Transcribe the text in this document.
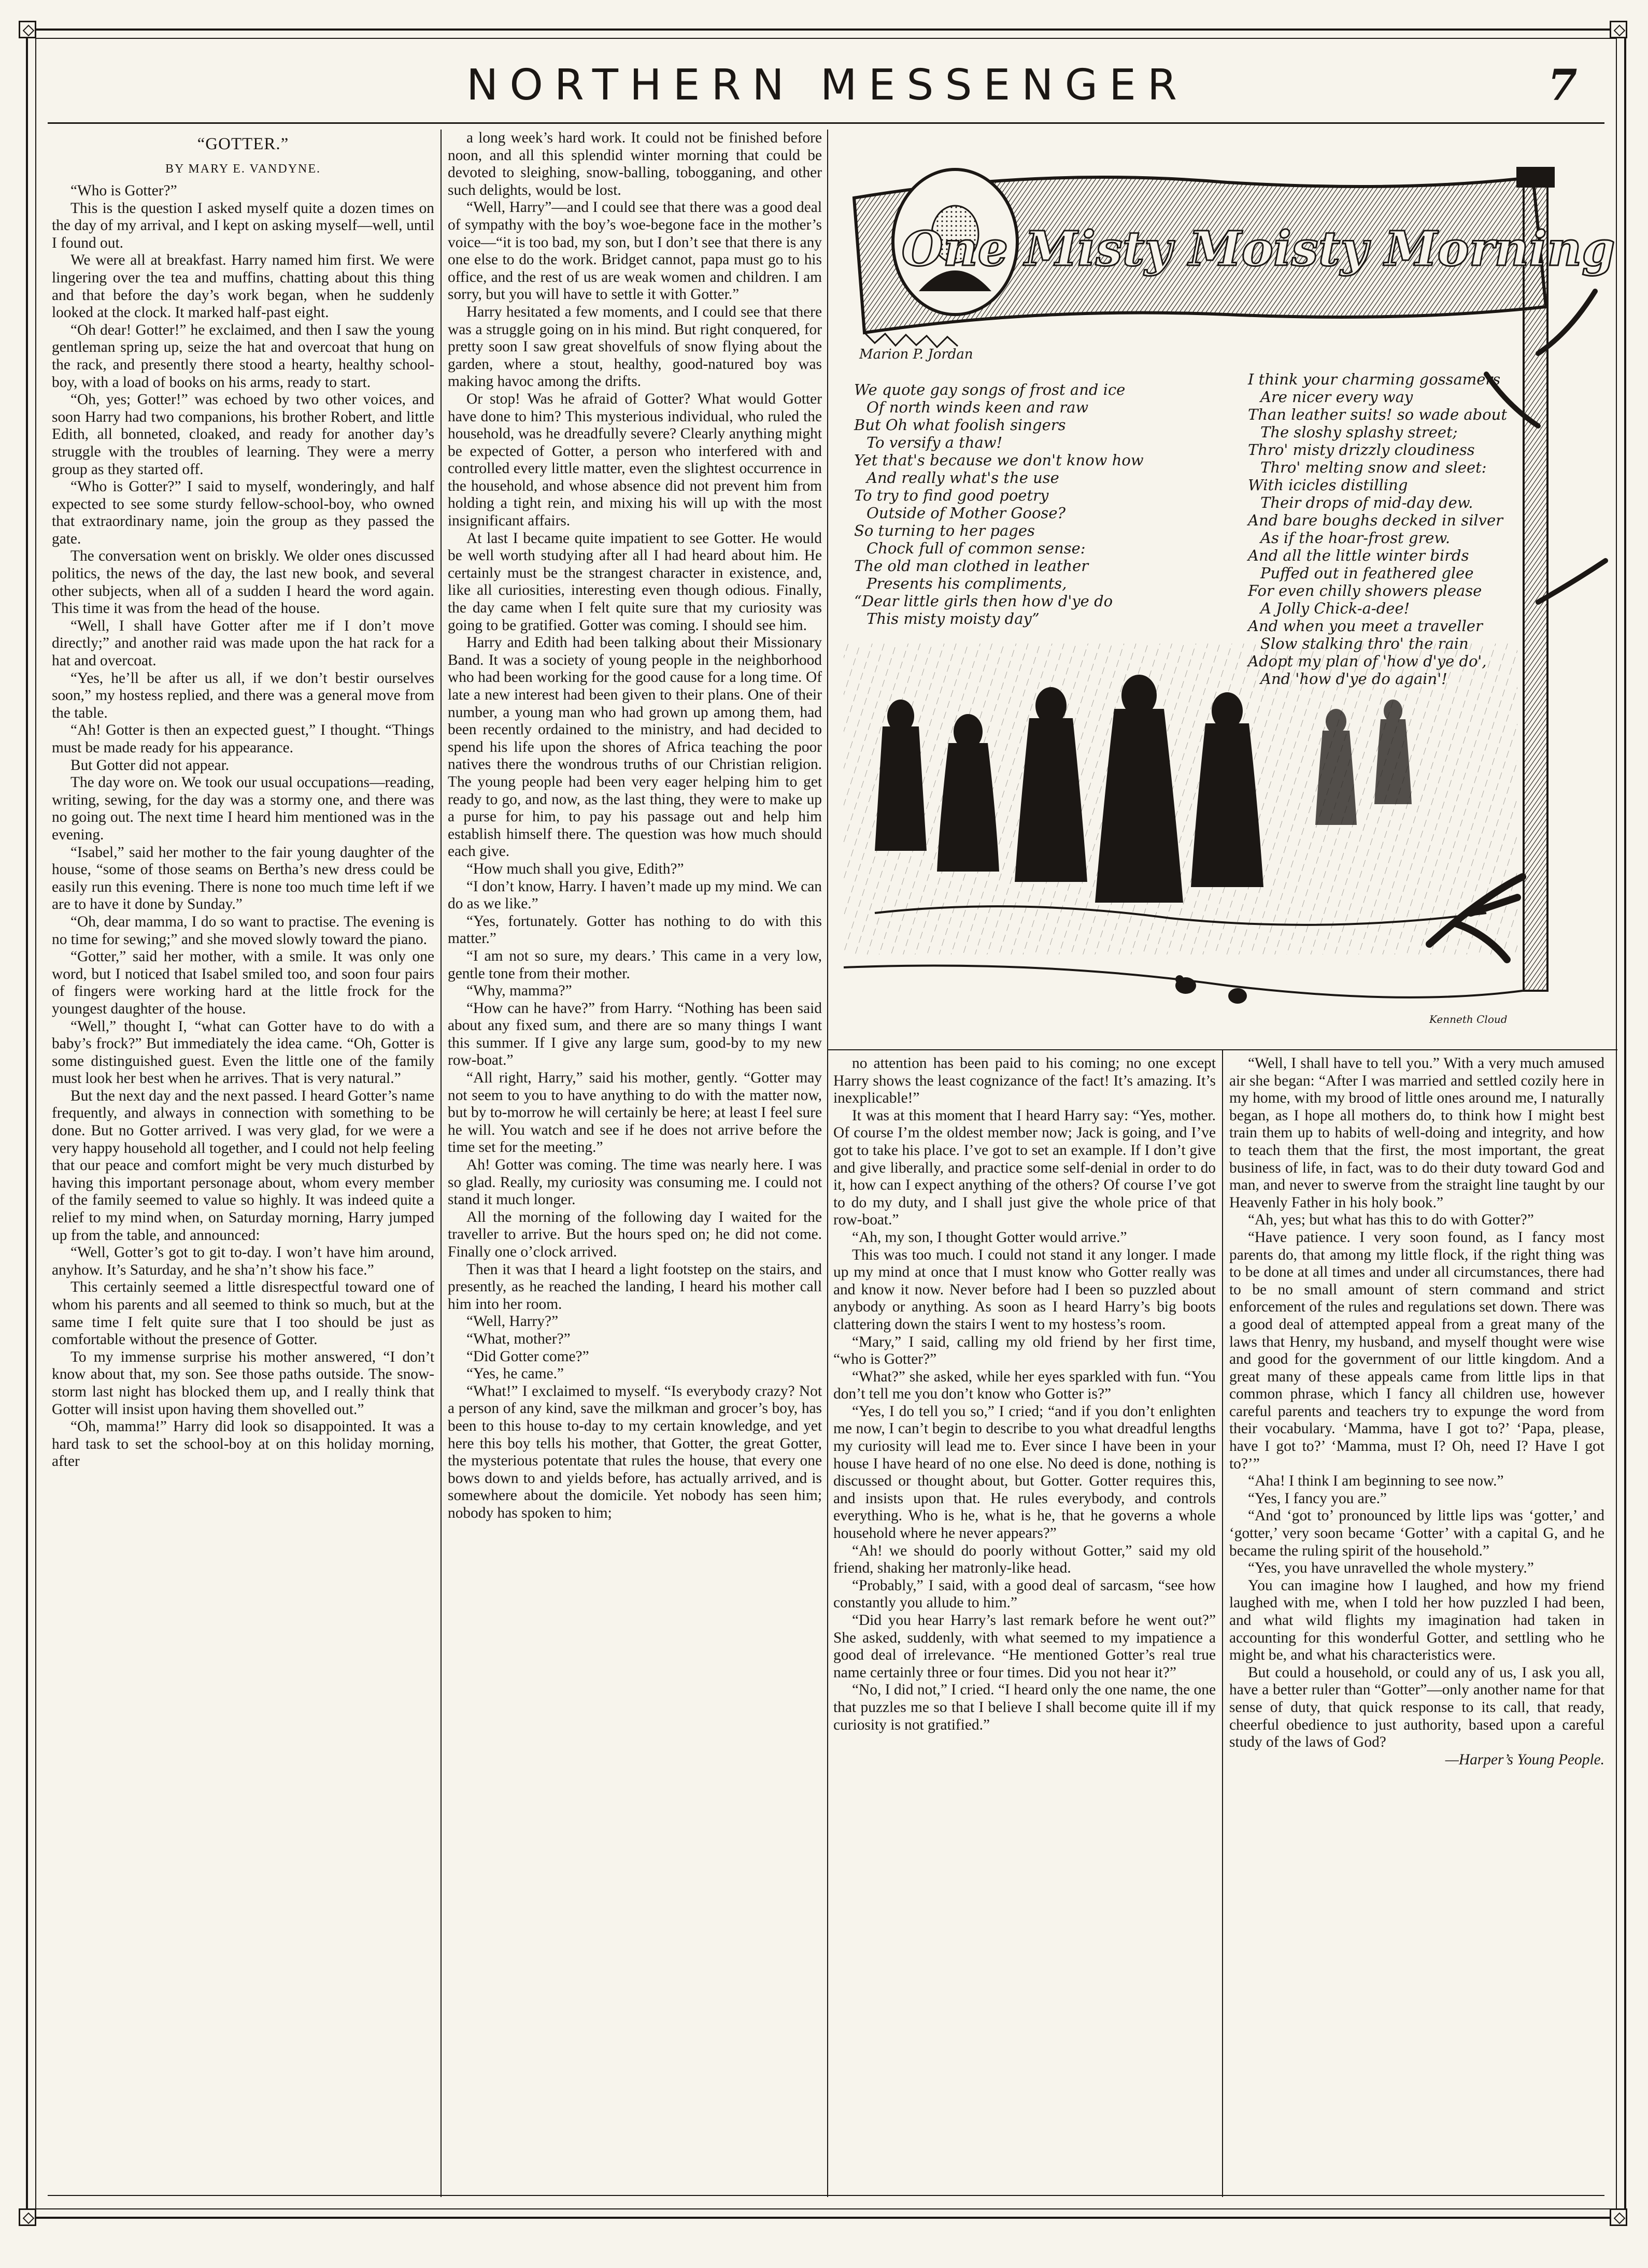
NORTHERN MESSENGER	7
“GOTTER.”
BY MARY E. VANDYNE.

“Who is Gotter?”

This is the question I asked myself quite a dozen times on the day of my arrival, and I kept on asking myself—well, until I found out.

We were all at breakfast. Harry named him first. We were lingering over the tea and muffins, chatting about this thing and that before the day’s work began, when he suddenly looked at the clock. It marked half-past eight.

“Oh dear! Gotter!” he exclaimed, and then I saw the young gentleman spring up, seize the hat and overcoat that hung on the rack, and presently there stood a hearty, healthy school-boy, with a load of books on his arms, ready to start.

“Oh, yes; Gotter!” was echoed by two other voices, and soon Harry had two companions, his brother Robert, and little Edith, all bonneted, cloaked, and ready for another day’s struggle with the troubles of learning. They were a merry group as they started off.

“Who is Gotter?” I said to myself, wonderingly, and half expected to see some sturdy fellow-school-boy, who owned that extraordinary name, join the group as they passed the gate.

The conversation went on briskly. We older ones discussed politics, the news of the day, the last new book, and several other subjects, when all of a sudden I heard the word again. This time it was from the head of the house.

“Well, I shall have Gotter after me if I don’t move directly;” and another raid was made upon the hat rack for a hat and overcoat.

“Yes, he’ll be after us all, if we don’t bestir ourselves soon,” my hostess replied, and there was a general move from the table.

“Ah! Gotter is then an expected guest,” I thought. “Things must be made ready for his appearance.

But Gotter did not appear.

The day wore on. We took our usual occupations—reading, writing, sewing, for the day was a stormy one, and there was no going out. The next time I heard him mentioned was in the evening.

“Isabel,” said her mother to the fair young daughter of the house, “some of those seams on Bertha’s new dress could be easily run this evening. There is none too much time left if we are to have it done by Sunday.”

“Oh, dear mamma, I do so want to practise. The evening is no time for sewing;” and she moved slowly toward the piano.

“Gotter,” said her mother, with a smile. It was only one word, but I noticed that Isabel smiled too, and soon four pairs of fingers were working hard at the little frock for the youngest daughter of the house.

“Well,” thought I, “what can Gotter have to do with a baby’s frock?” But immediately the idea came. “Oh, Gotter is some distinguished guest. Even the little one of the family must look her best when he arrives. That is very natural.”

But the next day and the next passed. I heard Gotter’s name frequently, and always in connection with something to be done. But no Gotter arrived. I was very glad, for we were a very happy household all together, and I could not help feeling that our peace and comfort might be very much disturbed by having this important personage about, whom every member of the family seemed to value so highly. It was indeed quite a relief to my mind when, on Saturday morning, Harry jumped up from the table, and announced:

“Well, Gotter’s got to git to-day. I won’t have him around, anyhow. It’s Saturday, and he sha’n’t show his face.”

This certainly seemed a little disrespectful toward one of whom his parents and all seemed to think so much, but at the same time I felt quite sure that I too should be just as comfortable without the presence of Gotter.

To my immense surprise his mother answered, “I don’t know about that, my son. See those paths outside. The snow-storm last night has blocked them up, and I really think that Gotter will insist upon having them shovelled out.”

“Oh, mamma!” Harry did look so disappointed. It was a hard task to set the school-boy at on this holiday morning, after

a long week’s hard work. It could not be finished before noon, and all this splendid winter morning that could be devoted to sleighing, snow-balling, tobogganing, and other such delights, would be lost.

“Well, Harry”—and I could see that there was a good deal of sympathy with the boy’s woe-begone face in the mother’s voice—“it is too bad, my son, but I don’t see that there is any one else to do the work. Bridget cannot, papa must go to his office, and the rest of us are weak women and children. I am sorry, but you will have to settle it with Gotter.”

Harry hesitated a few moments, and I could see that there was a struggle going on in his mind. But right conquered, for pretty soon I saw great shovelfuls of snow flying about the garden, where a stout, healthy, good-natured boy was making havoc among the drifts.

Or stop! Was he afraid of Gotter? What would Gotter have done to him? This mysterious individual, who ruled the household, was he dreadfully severe? Clearly anything might be expected of Gotter, a person who interfered with and controlled every little matter, even the slightest occurrence in the household, and whose absence did not prevent him from holding a tight rein, and mixing his will up with the most insignificant affairs.

At last I became quite impatient to see Gotter. He would be well worth studying after all I had heard about him. He certainly must be the strangest character in existence, and, like all curiosities, interesting even though odious. Finally, the day came when I felt quite sure that my curiosity was going to be gratified. Gotter was coming. I should see him.

Harry and Edith had been talking about their Missionary Band. It was a society of young people in the neighborhood who had been working for the good cause for a long time. Of late a new interest had been given to their plans. One of their number, a young man who had grown up among them, had been recently ordained to the ministry, and had decided to spend his life upon the shores of Africa teaching the poor natives there the wondrous truths of our Christian religion. The young people had been very eager helping him to get ready to go, and now, as the last thing, they were to make up a purse for him, to pay his passage out and help him establish himself there. The question was how much should each give.

“How much shall you give, Edith?”

“I don’t know, Harry. I haven’t made up my mind. We can do as we like.”

“Yes, fortunately. Gotter has nothing to do with this matter.”

“I am not so sure, my dears.’ This came in a very low, gentle tone from their mother.

“Why, mamma?”

“How can he have?” from Harry. “Nothing has been said about any fixed sum, and there are so many things I want this summer. If I give any large sum, good-by to my new row-boat.”

“All right, Harry,” said his mother, gently. “Gotter may not seem to you to have anything to do with the matter now, but by to-morrow he will certainly be here; at least I feel sure he will. You watch and see if he does not arrive before the time set for the meeting.”

Ah! Gotter was coming. The time was nearly here. I was so glad. Really, my curiosity was consuming me. I could not stand it much longer.

All the morning of the following day I waited for the traveller to arrive. But the hours sped on; he did not come. Finally one o’clock arrived.

Then it was that I heard a light footstep on the stairs, and presently, as he reached the landing, I heard his mother call him into her room.

“Well, Harry?”

“What, mother?”

“Did Gotter come?”

“Yes, he came.”

“What!” I exclaimed to myself. “Is everybody crazy? Not a person of any kind, save the milkman and grocer’s boy, has been to this house to-day to my certain knowledge, and yet here this boy tells his mother, that Gotter, the great Gotter, the mysterious potentate that rules the house, that every one bows down to and yields before, has actually arrived, and is somewhere about the domicile. Yet nobody has seen him; nobody has spoken to him;

One Misty Moisty Morning
Marion P. Jordan
We quote gay songs of frost and ice
Of north winds keen and raw
But Oh what foolish singers
To versify a thaw!
Yet that's because we don't know how
And really what's the use
To try to find good poetry
Outside of Mother Goose?
So turning to her pages
Chock full of common sense:
The old man clothed in leather
Presents his compliments,
“Dear little girls then how d'ye do
This misty moisty day”
I think your charming gossamers
Are nicer every way
Than leather suits! so wade about
The sloshy splashy street;
Thro' misty drizzly cloudiness
Thro' melting snow and sleet:
With icicles distilling
Their drops of mid-day dew.
And bare boughs decked in silver
As if the hoar-frost grew.
And all the little winter birds
Puffed out in feathered glee
For even chilly showers please
A Jolly Chick-a-dee!
And when you meet a traveller
Kenneth Cloud

no attention has been paid to his coming; no one except Harry shows the least cognizance of the fact! It’s amazing. It’s inexplicable!”

It was at this moment that I heard Harry say: “Yes, mother. Of course I’m the oldest member now; Jack is going, and I’ve got to take his place. I’ve got to set an example. If I don’t give and give liberally, and practice some self-denial in order to do it, how can I expect anything of the others? Of course I’ve got to do my duty, and I shall just give the whole price of that row-boat.”

“Ah, my son, I thought Gotter would arrive.”

This was too much. I could not stand it any longer. I made up my mind at once that I must know who Gotter really was and know it now. Never before had I been so puzzled about anybody or anything. As soon as I heard Harry’s big boots clattering down the stairs I went to my hostess’s room.

“Mary,” I said, calling my old friend by her first time, “who is Gotter?”

“What?” she asked, while her eyes sparkled with fun. “You don’t tell me you don’t know who Gotter is?”

“Yes, I do tell you so,” I cried; “and if you don’t enlighten me now, I can’t begin to describe to you what dreadful lengths my curiosity will lead me to. Ever since I have been in your house I have heard of no one else. No deed is done, nothing is discussed or thought about, but Gotter. Gotter requires this, and insists upon that. He rules everybody, and controls everything. Who is he, what is he, that he governs a whole household where he never appears?”

“Ah! we should do poorly without Gotter,” said my old friend, shaking her matronly-like head.

“Probably,” I said, with a good deal of sarcasm, “see how constantly you allude to him.”

“Did you hear Harry’s last remark before he went out?” She asked, suddenly, with what seemed to my impatience a good deal of irrelevance. “He mentioned Gotter’s real true name certainly three or four times. Did you not hear it?”

“No, I did not,” I cried. “I heard only the one name, the one that puzzles me so that I believe I shall become quite ill if my curiosity is not gratified.”

“Well, I shall have to tell you.” With a very much amused air she began: “After I was married and settled cozily here in my home, with my brood of little ones around me, I naturally began, as I hope all mothers do, to think how I might best train them up to habits of well-doing and integrity, and how to teach them that the first, the most important, the great business of life, in fact, was to do their duty toward God and man, and never to swerve from the straight line taught by our Heavenly Father in his holy book.”

“Ah, yes; but what has this to do with Gotter?”

“Have patience. I very soon found, as I fancy most parents do, that among my little flock, if the right thing was to be done at all times and under all circumstances, there had to be no small amount of stern command and strict enforcement of the rules and regulations set down. There was a good deal of attempted appeal from a great many of the laws that Henry, my husband, and myself thought were wise and good for the government of our little kingdom. And a great many of these appeals came from little lips in that common phrase, which I fancy all children use, however careful parents and teachers try to expunge the word from their vocabulary. ‘Mamma, have I got to?’ ‘Papa, please, have I got to?’ ‘Mamma, must I? Oh, need I? Have I got to?’”

“Aha! I think I am beginning to see now.”

“Yes, I fancy you are.”

“And ‘got to’ pronounced by little lips was ‘gotter,’ and ‘gotter,’ very soon became ‘Gotter’ with a capital G, and he became the ruling spirit of the household.”

“Yes, you have unravelled the whole mystery.”

You can imagine how I laughed, and how my friend laughed with me, when I told her how puzzled I had been, and what wild flights my imagination had taken in accounting for this wonderful Gotter, and settling who he might be, and what his characteristics were.

But could a household, or could any of us, I ask you all, have a better ruler than “Gotter”—only another name for that sense of duty, that quick response to its call, that ready, cheerful obedience to just authority, based upon a careful study of the laws of God?

—Harper’s Young People.
